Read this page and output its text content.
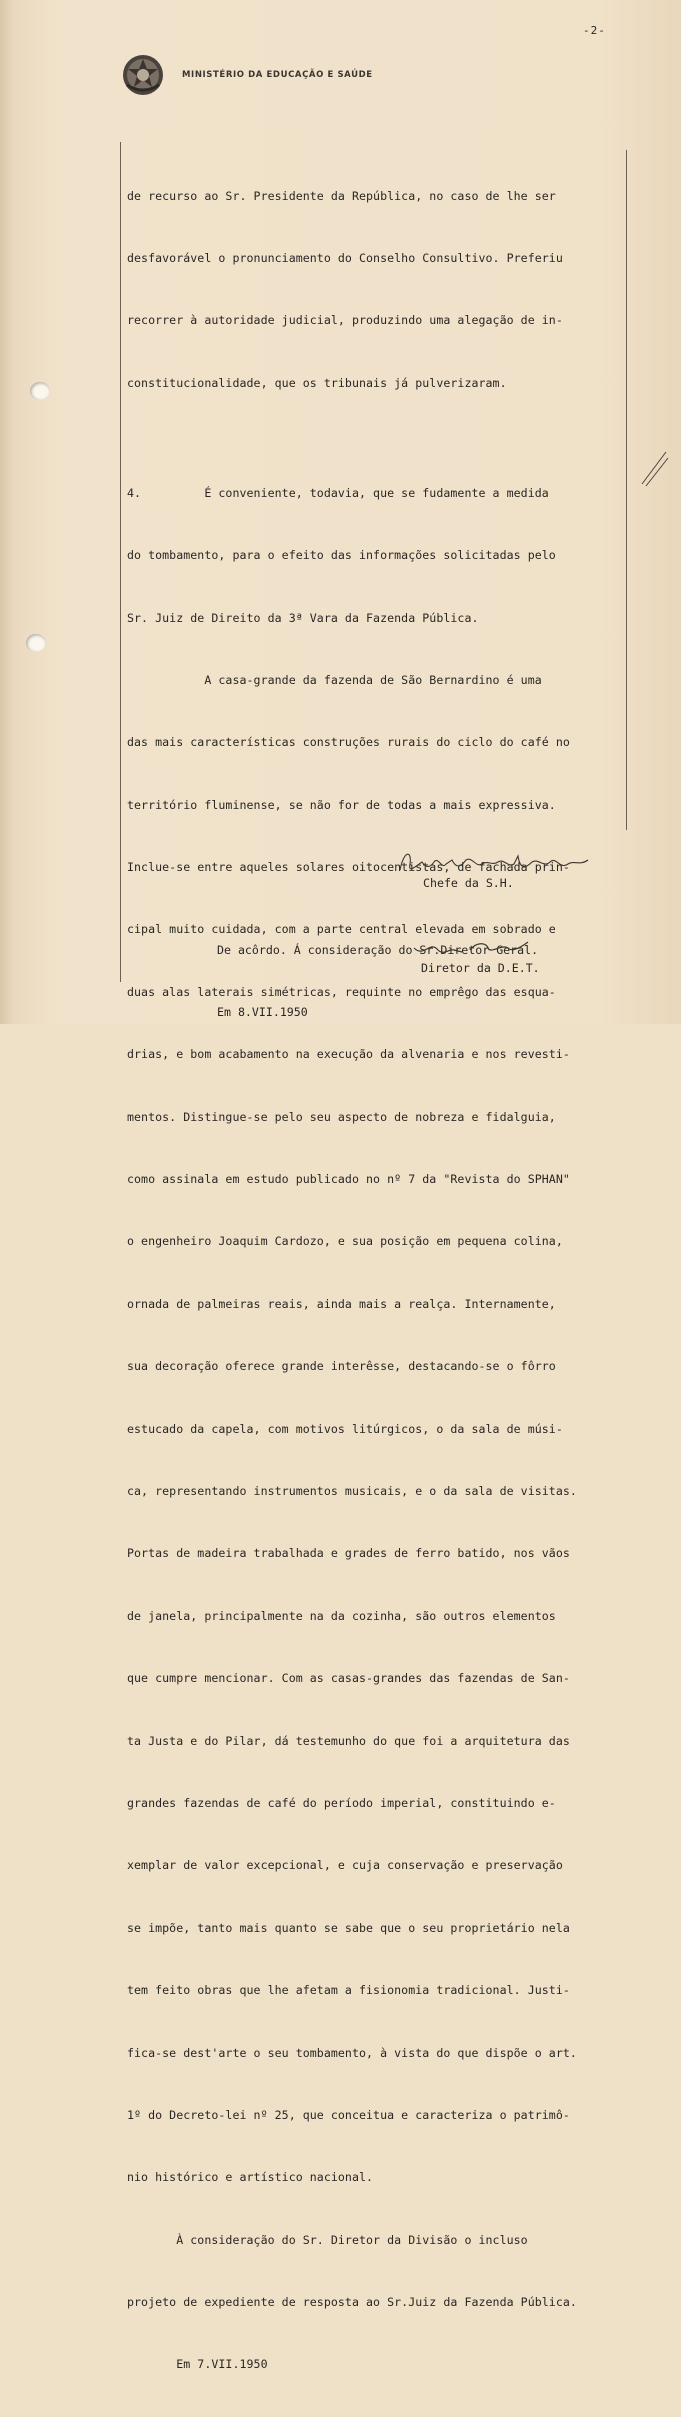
-2-
MINISTÉRIO DA EDUCAÇÃO E SAÚDE

de recurso ao Sr. Presidente da República, no caso de lhe ser

desfavorável o pronunciamento do Conselho Consultivo. Preferiu

recorrer à autoridade judicial, produzindo uma alegação de in-

constitucionalidade, que os tribunais já pulverizaram.

4.         É conveniente, todavia, que se fudamente a medida

do tombamento, para o efeito das informações solicitadas pelo

Sr. Juiz de Direito da 3ª Vara da Fazenda Pública.

A casa-grande da fazenda de São Bernardino é uma

das mais características construções rurais do ciclo do café no

território fluminense, se não for de todas a mais expressiva.

Inclue-se entre aqueles solares oitocentistas, de fachada prin-

cipal muito cuidada, com a parte central elevada em sobrado e

duas alas laterais simétricas, requinte no emprêgo das esqua-

drias, e bom acabamento na execução da alvenaria e nos revesti-

mentos. Distingue-se pelo seu aspecto de nobreza e fidalguia,

como assinala em estudo publicado no nº 7 da "Revista do SPHAN"

o engenheiro Joaquim Cardozo, e sua posição em pequena colina,

ornada de palmeiras reais, ainda mais a realça. Internamente,

sua decoração oferece grande interêsse, destacando-se o fôrro

estucado da capela, com motivos litúrgicos, o da sala de músi-

ca, representando instrumentos musicais, e o da sala de visitas.

Portas de madeira trabalhada e grades de ferro batido, nos vãos

de janela, principalmente na da cozinha, são outros elementos

que cumpre mencionar. Com as casas-grandes das fazendas de San-

ta Justa e do Pilar, dá testemunho do que foi a arquitetura das

grandes fazendas de café do período imperial, constituindo e-

xemplar de valor excepcional, e cuja conservação e preservação

se impõe, tanto mais quanto se sabe que o seu proprietário nela

tem feito obras que lhe afetam a fisionomia tradicional. Justi-

fica-se dest'arte o seu tombamento, à vista do que dispõe o art.

1º do Decreto-lei nº 25, que conceitua e caracteriza o patrimô-

nio histórico e artístico nacional.

À consideração do Sr. Diretor da Divisão o incluso

projeto de expediente de resposta ao Sr.Juiz da Fazenda Pública.

Em 7.VII.1950

Chefe da S.H.

De acôrdo. Á consideração do Sr.Diretor Geral.

Em 8.VII.1950

Diretor da D.E.T.
